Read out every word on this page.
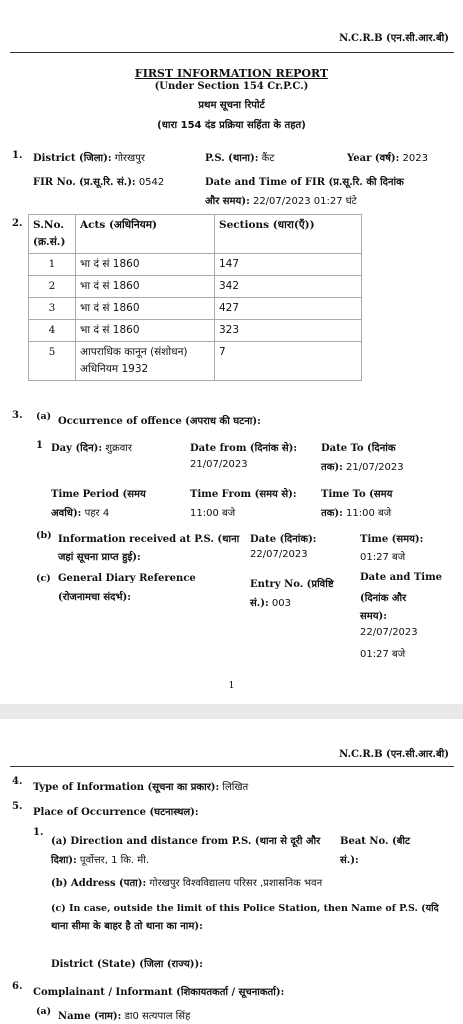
N.C.R.B (एन.सी.आर.बी)
FIRST INFORMATION REPORT
(Under Section 154 Cr.P.C.)
प्रथम सूचना रिपोर्ट
(धारा 154 दंड प्रक्रिया सहिंता के तहत)
1. District (जिला): गोरखपुर	P.S. (थाना): कैंट	Year (वर्ष): 2023
FIR No. (प्र.सू.रि. सं.): 0542	Date and Time of FIR (प्र.सू.रि. की दिनांक
और समय): 22/07/2023 01:27 घंटे
2. S.No. (क्र.सं.)	Acts (अधिनियम)	Sections (धारा(एँ))
1	भा दं सं 1860	147
2	भा दं सं 1860	342
3	भा दं सं 1860	427
4	भा दं सं 1860	323
5	आपराधिक कानून (संशोधन) अधिनियम 1932	7
3. (a) Occurrence of offence (अपराध की घटना):
1 Day (दिन): शुक्रवार	Date from (दिनांक से):
21/07/2023
Date To (दिनांक
तक): 21/07/2023
Time Period (समय
अवधि): पहर 4
Time From (समय से):
11:00 बजे
Time To (समय
तक): 11:00 बजे
(b) Information received at P.S. (थाना
जहां सूचना प्राप्त हुई):
Date (दिनांक):
22/07/2023
Time (समय):
01:27 बजे
(c) General Diary Reference
(रोजनामचा संदर्भ):
Entry No. (प्रविष्टि
सं.): 003
Date and Time
(दिनांक और
समय):
22/07/2023
01:27 बजे
1
N.C.R.B (एन.सी.आर.बी)
4.
Type of Information (सूचना का प्रकार): लिखित
5.
Place of Occurrence (घटनास्थल):
1.
(a) Direction and distance from P.S. (थाना से दूरी और
दिशा): पूर्वोत्तर, 1 कि. मी.
Beat No. (बीट
सं.):
(b) Address (पता): गोरखपुर विश्वविद्यालय परिसर ,प्रशासनिक भवन
(c) In case, outside the limit of this Police Station, then Name of P.S. (यदि
थाना सीमा के बाहर है तो थाना का नाम):
District (State) (जिला (राज्य)):
6.
Complainant / Informant (शिकायतकर्ता / सूचनाकर्ता):
(a) Name (नाम): डा0 सत्यपाल सिंह
